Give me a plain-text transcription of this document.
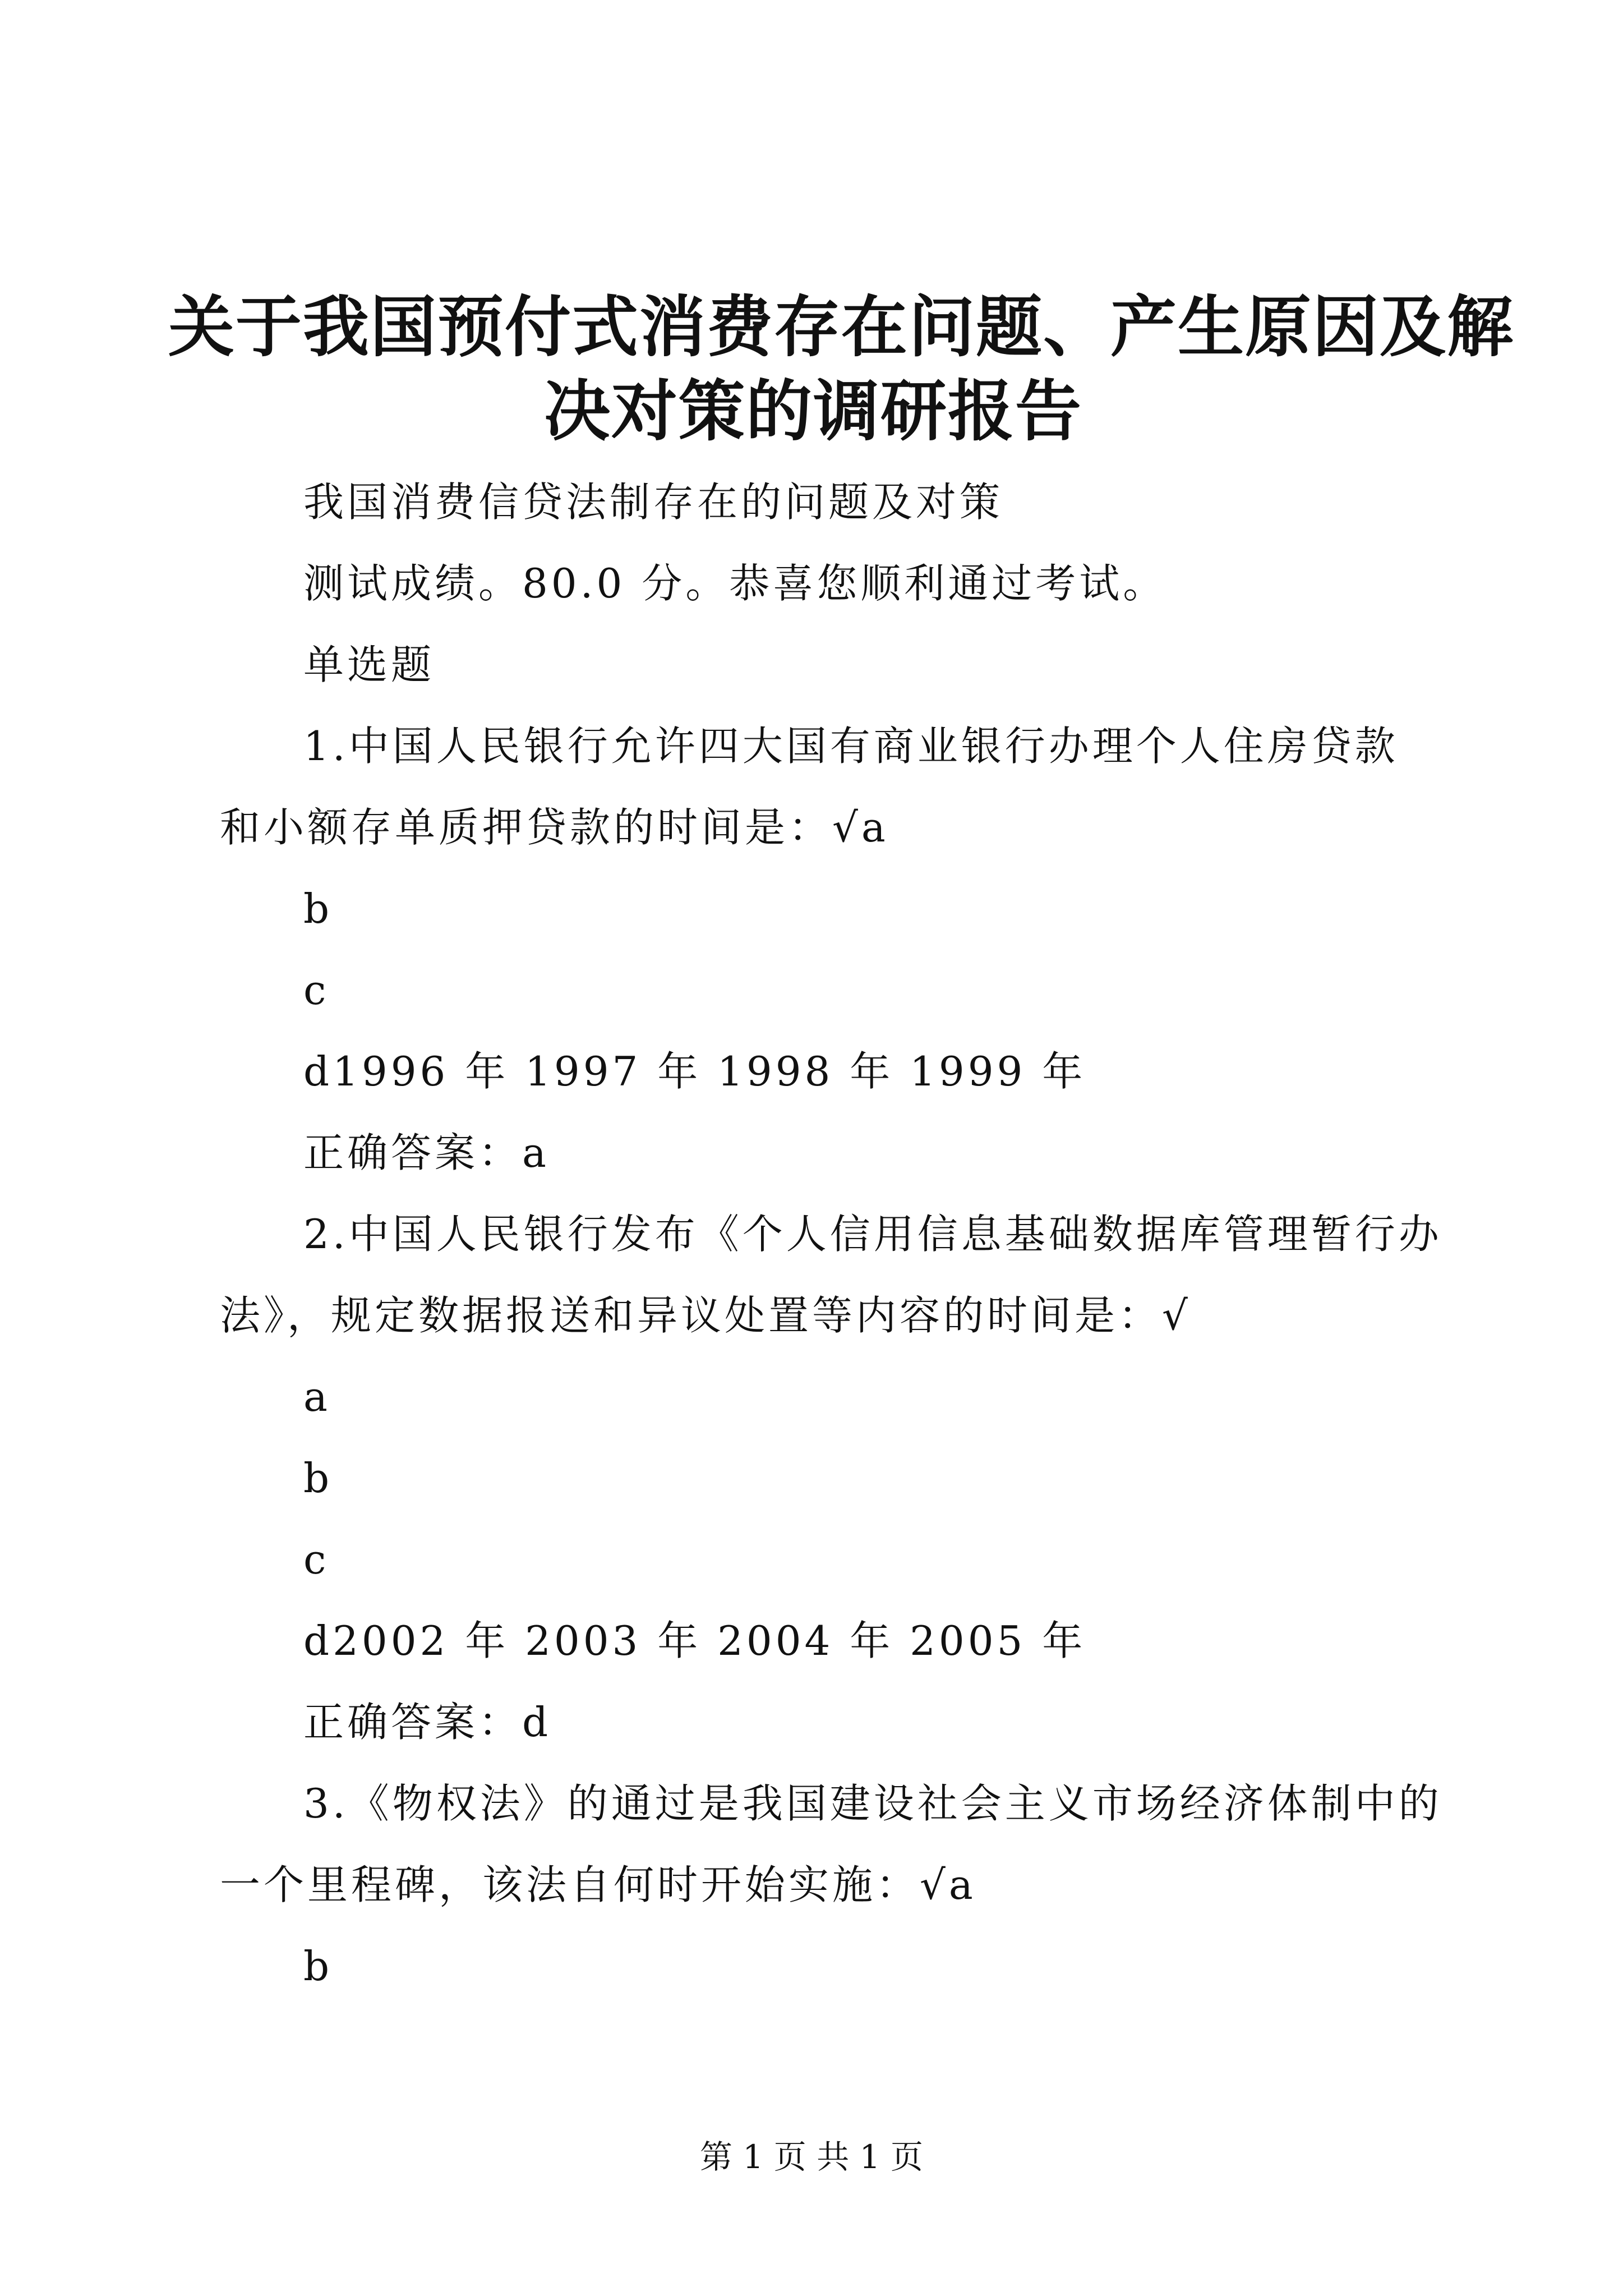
关于我国预付式消费存在问题、产生原因及解
决对策的调研报告
我国消费信贷法制存在的问题及对策
测试成绩。80.0 分。恭喜您顺利通过考试。
单选题
1.中国人民银行允许四大国有商业银行办理个人住房贷款
和小额存单质押贷款的时间是：√a
b
c
d1996 年 1997 年 1998 年 1999 年
正确答案：a
2.中国人民银行发布《个人信用信息基础数据库管理暂行办
法》，规定数据报送和异议处置等内容的时间是：√
a
b
c
d2002 年 2003 年 2004 年 2005 年
正确答案：d
3.《物权法》的通过是我国建设社会主义市场经济体制中的
一个里程碑，该法自何时开始实施：√a
b
第 1 页 共 1 页
